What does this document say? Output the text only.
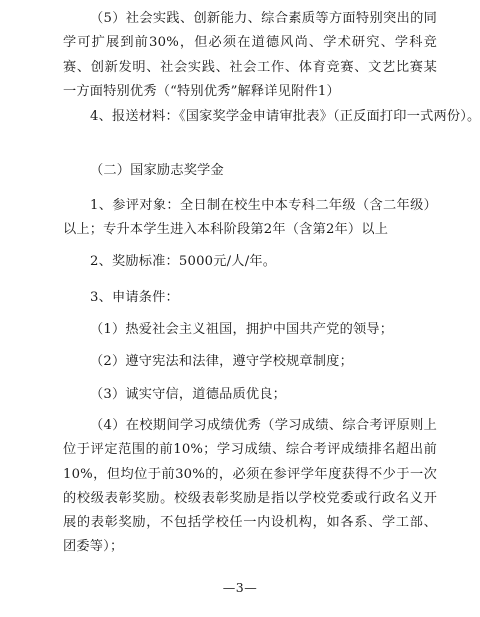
（5）社会实践、创新能力、综合素质等方面特别突出的同学可扩展到前30%，但必须在道德风尚、学术研究、学科竞赛、创新发明、社会实践、社会工作、体育竞赛、文艺比赛某一方面特别优秀（“特别优秀”解释详见附件1）

4、报送材料：《国家奖学金申请审批表》（正反面打印一式两份）。

（二）国家励志奖学金

1、参评对象：全日制在校生中本专科二年级（含二年级）以上；专升本学生进入本科阶段第2年（含第2年）以上

2、奖励标准：5000元/人/年。

3、申请条件：

（1）热爱社会主义祖国，拥护中国共产党的领导；

（2）遵守宪法和法律，遵守学校规章制度；

（3）诚实守信，道德品质优良；

（4）在校期间学习成绩优秀（学习成绩、综合考评原则上位于评定范围的前10%；学习成绩、综合考评成绩排名超出前10%，但均位于前30%的，必须在参评学年度获得不少于一次的校级表彰奖励。校级表彰奖励是指以学校党委或行政名义开展的表彰奖励，不包括学校任一内设机构，如各系、学工部、团委等）；

—3—
